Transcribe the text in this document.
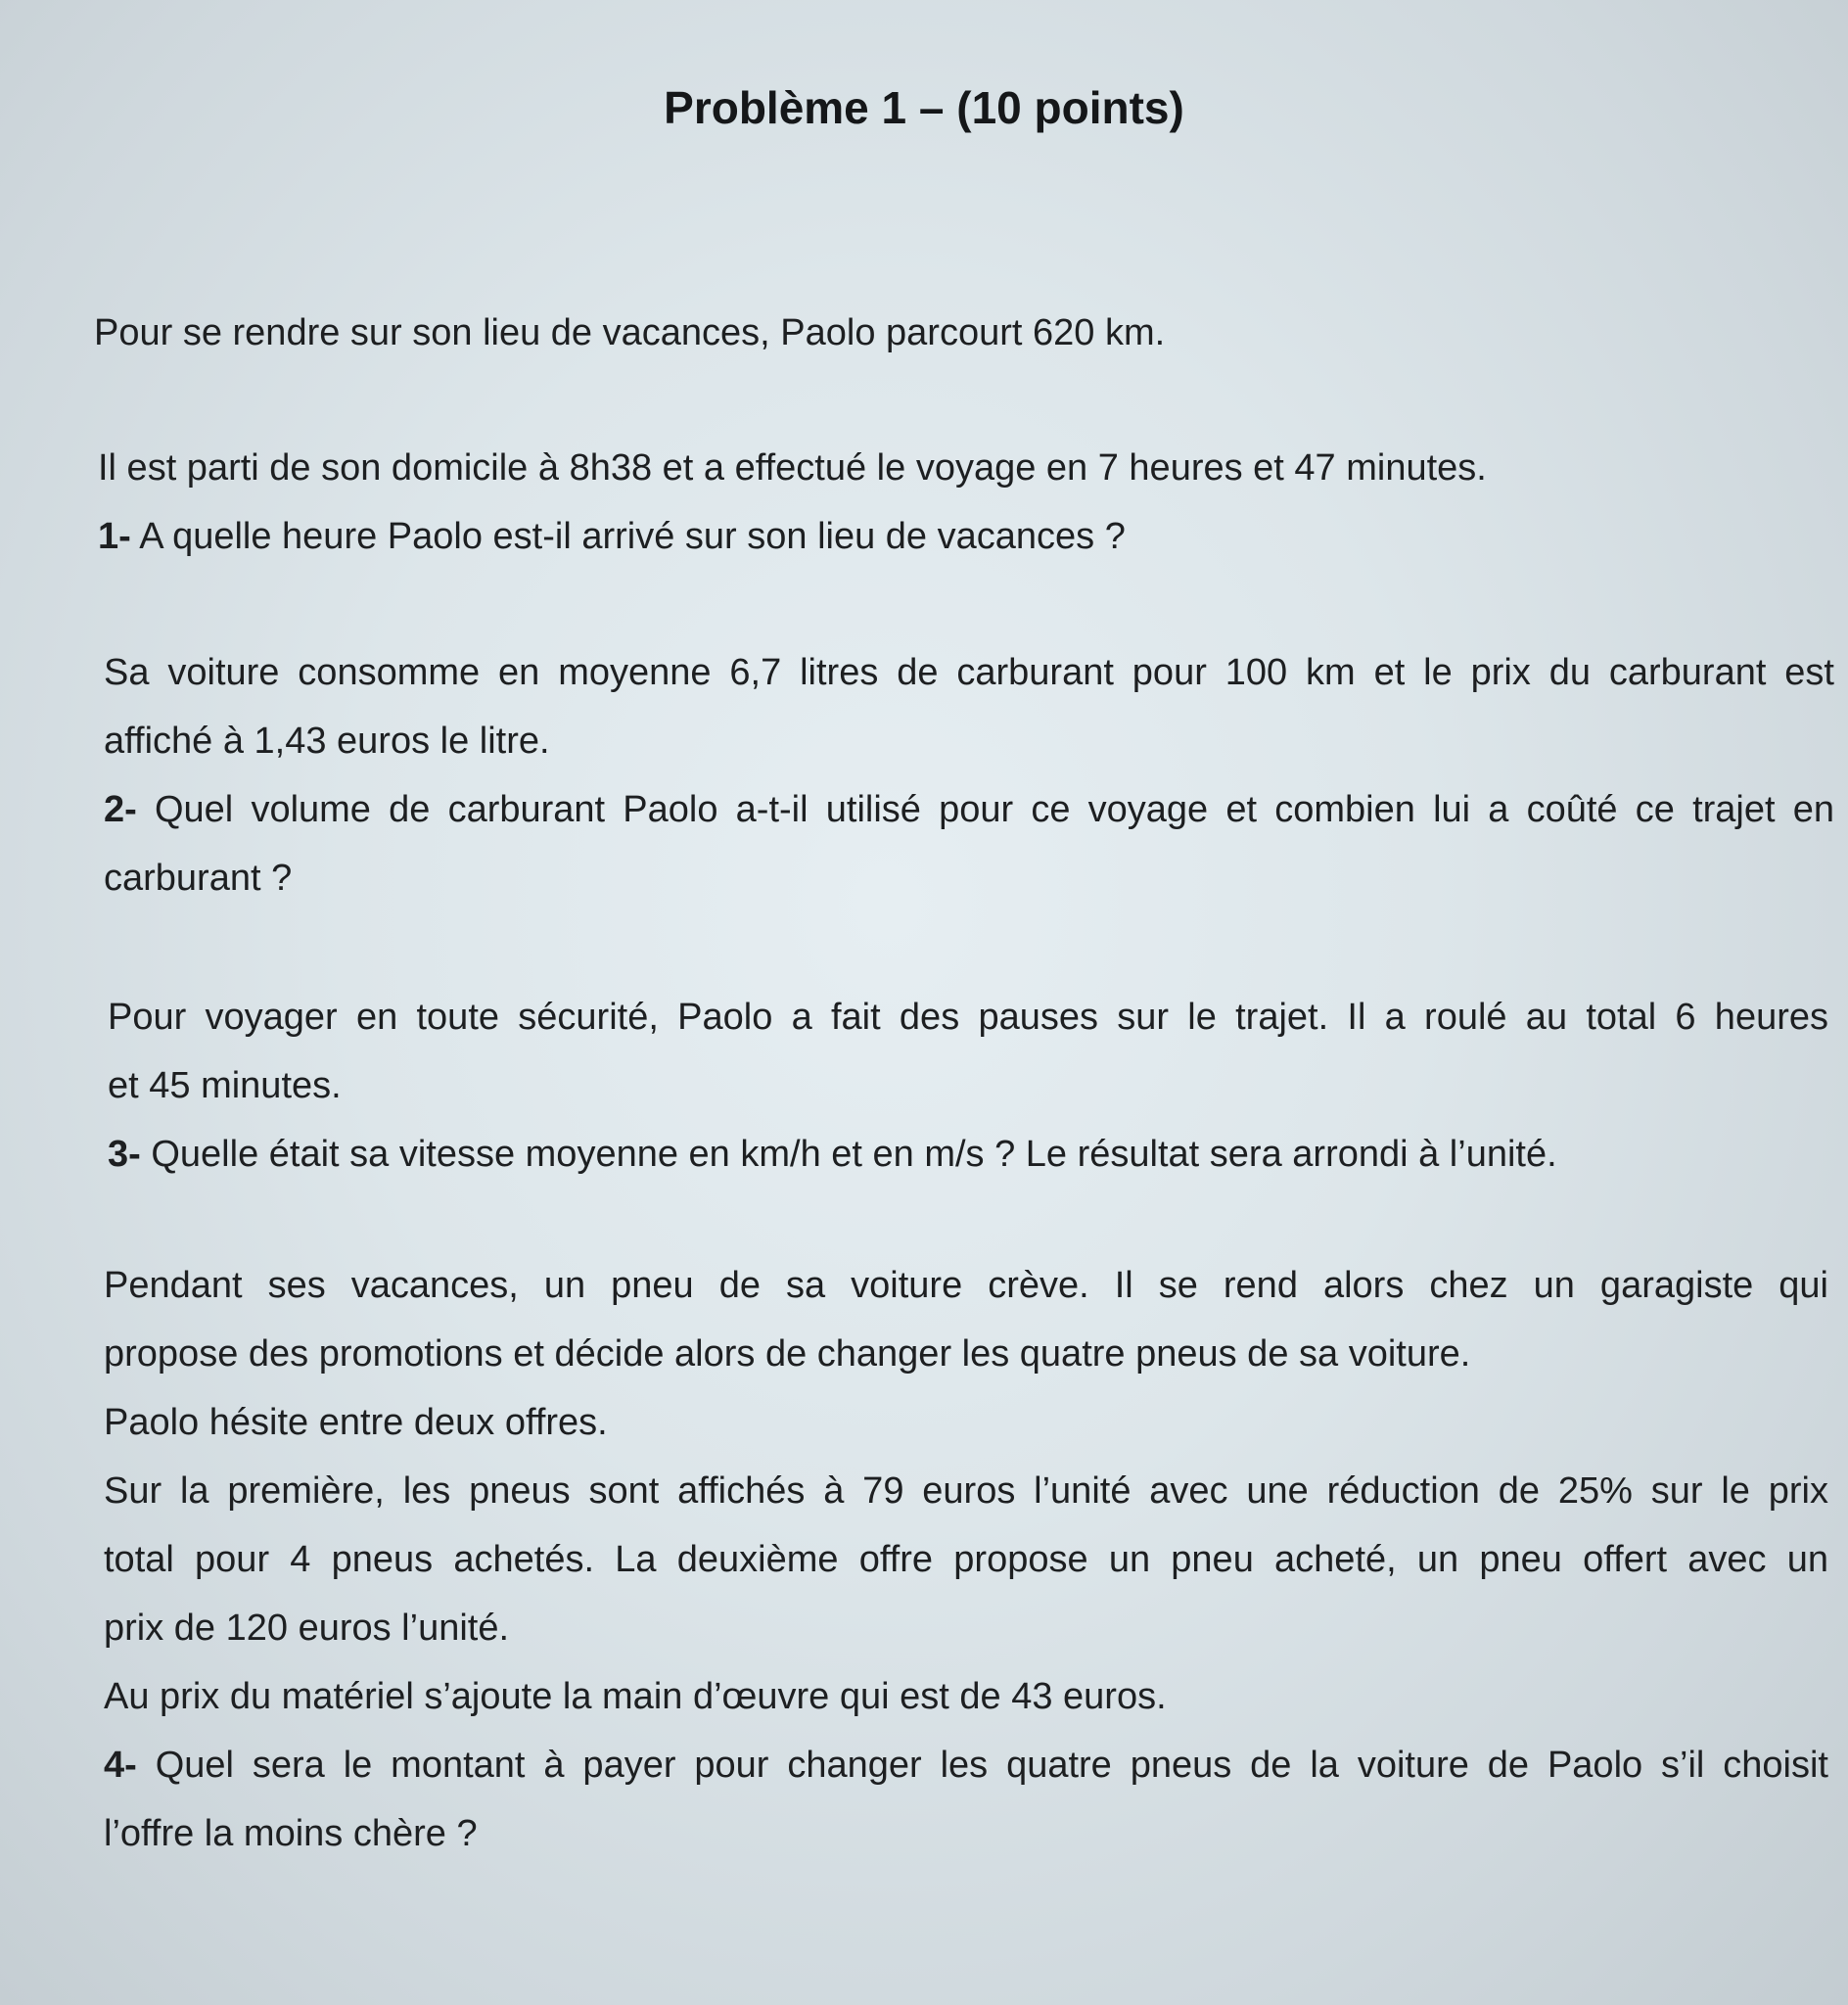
Problème 1 – (10 points)
Pour se rendre sur son lieu de vacances, Paolo parcourt 620 km.
Il est parti de son domicile à 8h38 et a effectué le voyage en 7 heures et 47 minutes.
1- A quelle heure Paolo est-il arrivé sur son lieu de vacances ?
Sa voiture consomme en moyenne 6,7 litres de carburant pour 100 km et le prix du carburant est
affiché à 1,43 euros le litre.
2- Quel volume de carburant Paolo a-t-il utilisé pour ce voyage et combien lui a coûté ce trajet en
carburant ?
Pour voyager en toute sécurité, Paolo a fait des pauses sur le trajet. Il a roulé au total 6 heures
et 45 minutes.
3- Quelle était sa vitesse moyenne en km/h et en m/s ? Le résultat sera arrondi à l’unité.
Pendant ses vacances, un pneu de sa voiture crève. Il se rend alors chez un garagiste qui
propose des promotions et décide alors de changer les quatre pneus de sa voiture.
Paolo hésite entre deux offres.
Sur la première, les pneus sont affichés à 79 euros l’unité avec une réduction de 25% sur le prix
total pour 4 pneus achetés. La deuxième offre propose un pneu acheté, un pneu offert avec un
prix de 120 euros l’unité.
Au prix du matériel s’ajoute la main d’œuvre qui est de 43 euros.
4- Quel sera le montant à payer pour changer les quatre pneus de la voiture de Paolo s’il choisit
l’offre la moins chère ?
